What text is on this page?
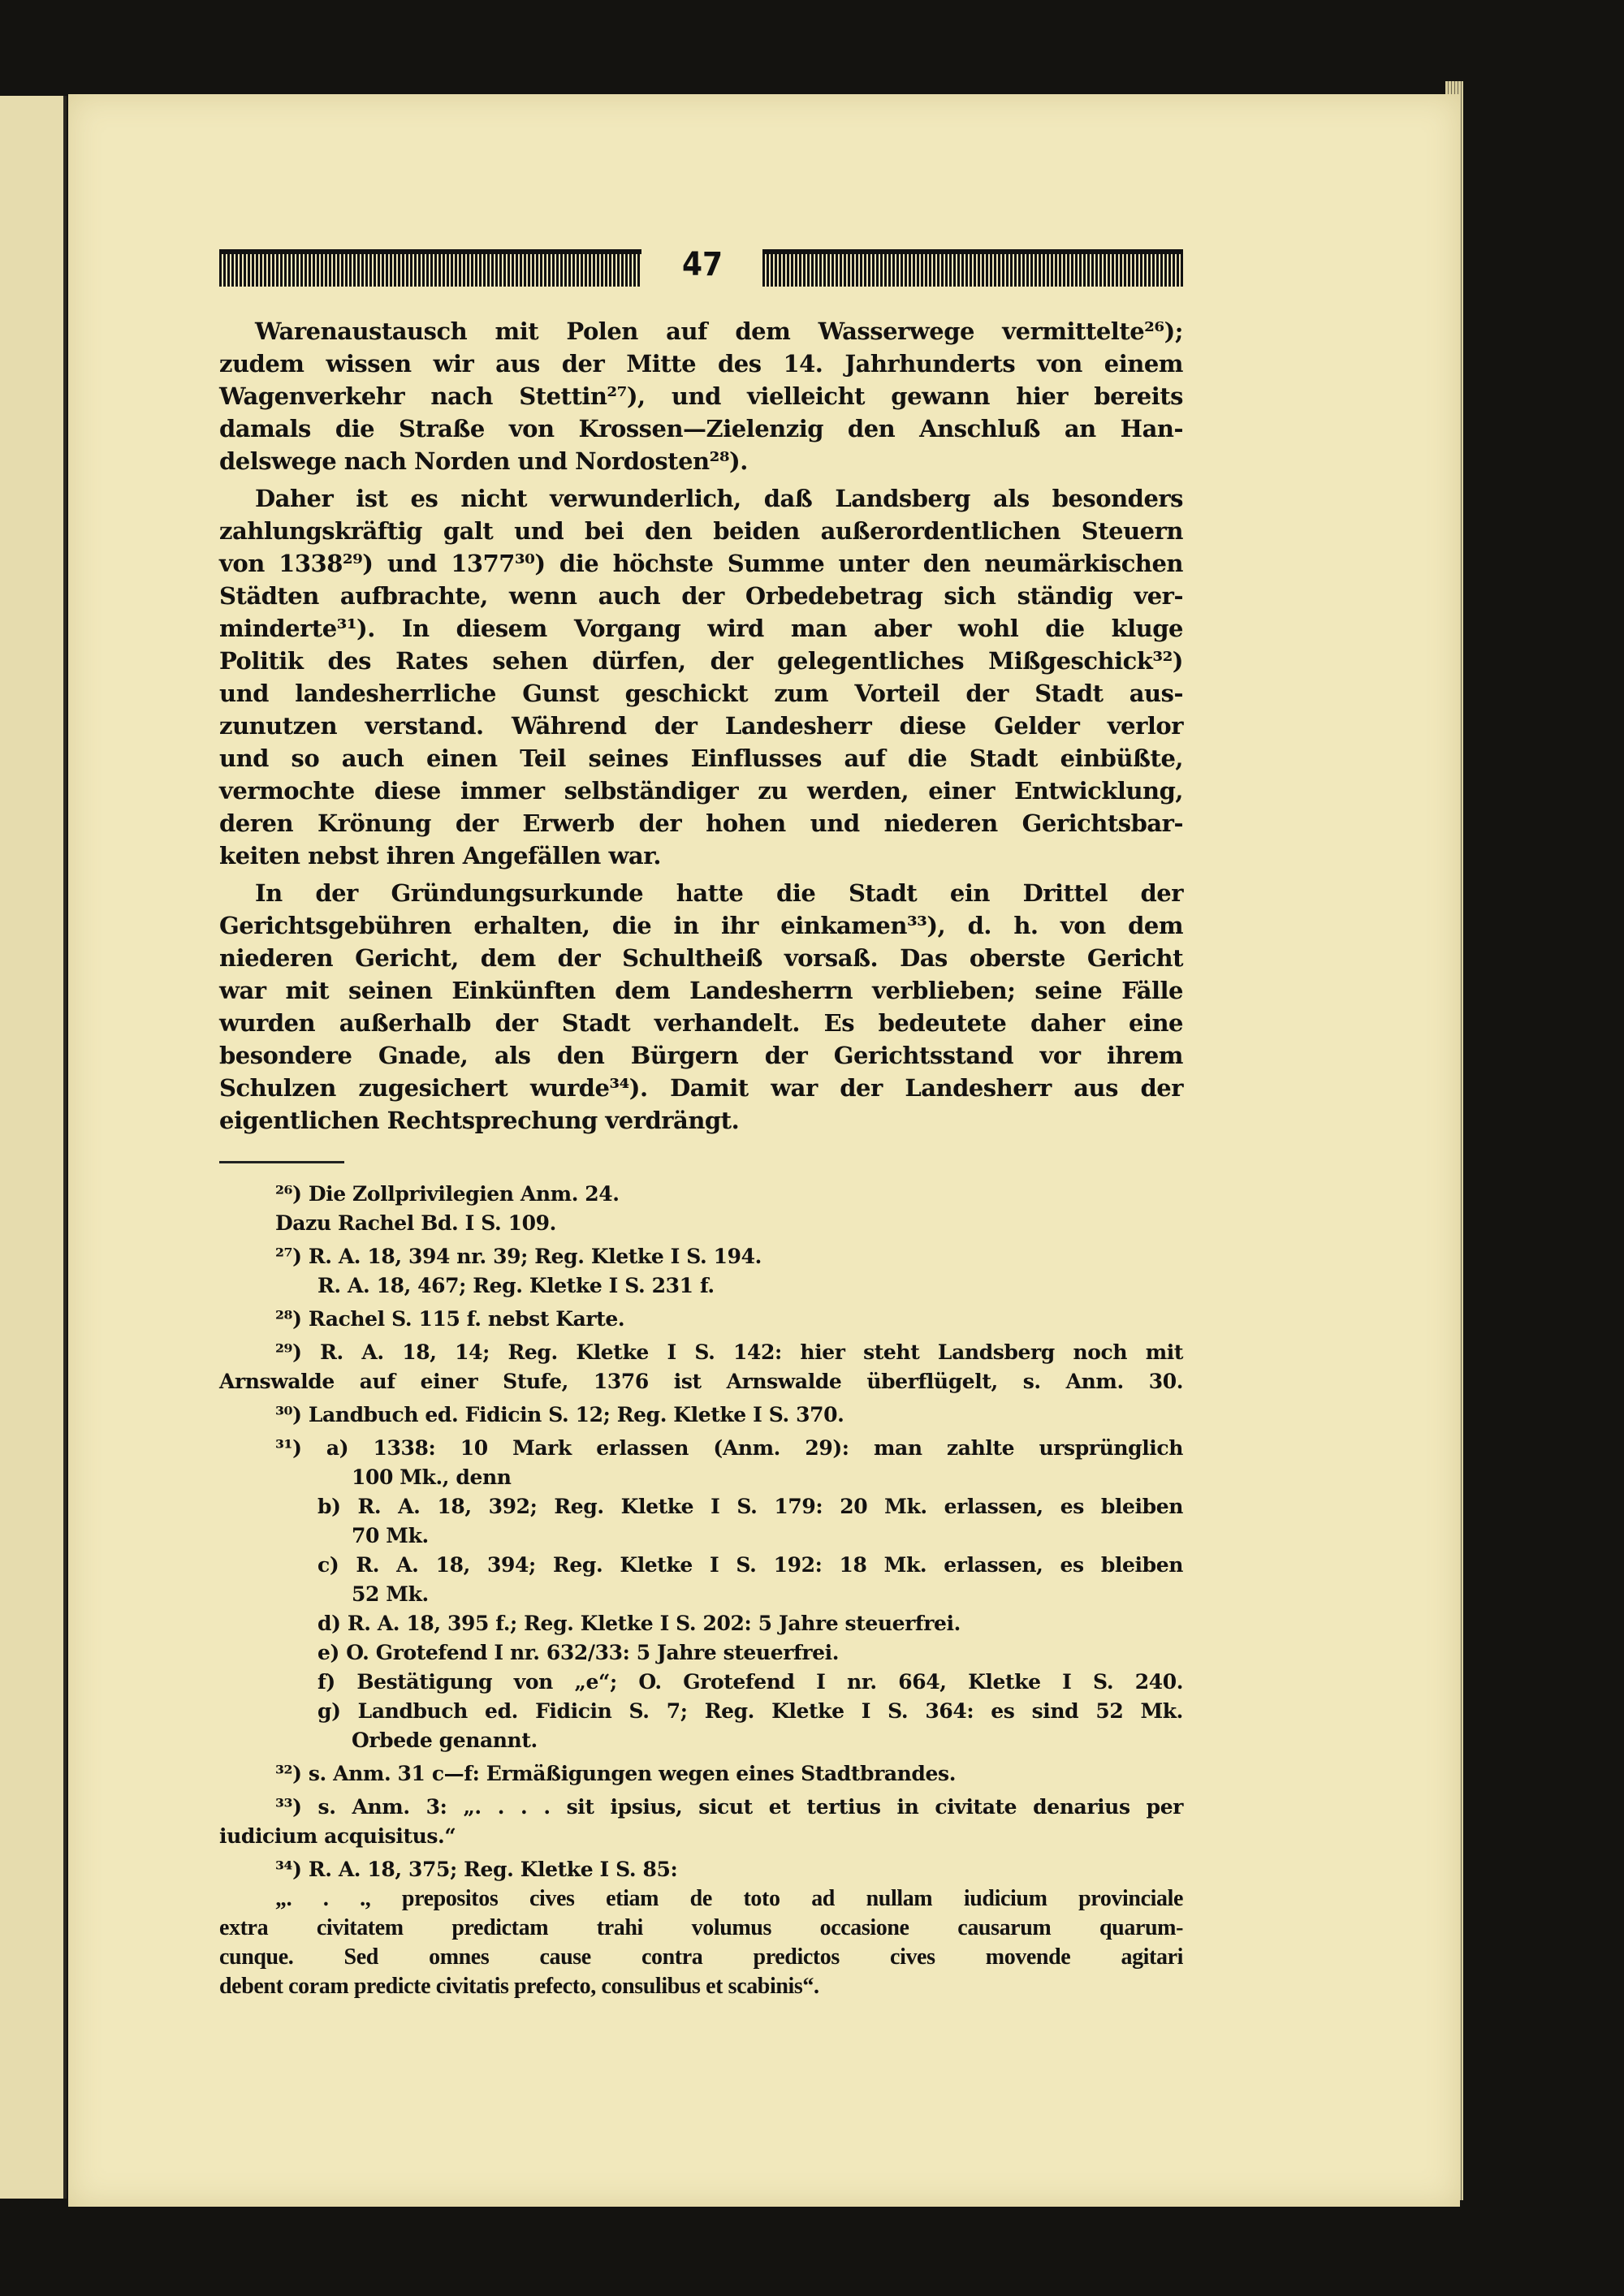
47
Warenaustausch mit Polen auf dem Wasserwege vermittelte²⁶);
zudem wissen wir aus der Mitte des 14. Jahrhunderts von einem
Wagenverkehr nach Stettin²⁷), und vielleicht gewann hier bereits
damals die Straße von Krossen—Zielenzig den Anschluß an Han-
delswege nach Norden und Nordosten²⁸).
Daher ist es nicht verwunderlich, daß Landsberg als besonders
zahlungskräftig galt und bei den beiden außerordentlichen Steuern
von 1338²⁹) und 1377³⁰) die höchste Summe unter den neumärkischen
Städten aufbrachte, wenn auch der Orbedebetrag sich ständig ver-
minderte³¹). In diesem Vorgang wird man aber wohl die kluge
Politik des Rates sehen dürfen, der gelegentliches Mißgeschick³²)
und landesherrliche Gunst geschickt zum Vorteil der Stadt aus-
zunutzen verstand. Während der Landesherr diese Gelder verlor
und so auch einen Teil seines Einflusses auf die Stadt einbüßte,
vermochte diese immer selbständiger zu werden, einer Entwicklung,
deren Krönung der Erwerb der hohen und niederen Gerichtsbar-
keiten nebst ihren Angefällen war.
In der Gründungsurkunde hatte die Stadt ein Drittel der
Gerichtsgebühren erhalten, die in ihr einkamen³³), d. h. von dem
niederen Gericht, dem der Schultheiß vorsaß. Das oberste Gericht
war mit seinen Einkünften dem Landesherrn verblieben; seine Fälle
wurden außerhalb der Stadt verhandelt. Es bedeutete daher eine
besondere Gnade, als den Bürgern der Gerichtsstand vor ihrem
Schulzen zugesichert wurde³⁴). Damit war der Landesherr aus der
eigentlichen Rechtsprechung verdrängt.
²⁶) Die Zollprivilegien Anm. 24.
Dazu Rachel Bd. I S. 109.
²⁷) R. A. 18, 394 nr. 39; Reg. Kletke I S. 194.
R. A. 18, 467; Reg. Kletke I S. 231 f.
²⁸) Rachel S. 115 f. nebst Karte.
²⁹) R. A. 18, 14; Reg. Kletke I S. 142: hier steht Landsberg noch mit
Arnswalde auf einer Stufe, 1376 ist Arnswalde überflügelt, s. Anm. 30.
³⁰) Landbuch ed. Fidicin S. 12; Reg. Kletke I S. 370.
³¹) a) 1338: 10 Mark erlassen (Anm. 29): man zahlte ursprünglich
100 Mk., denn
b) R. A. 18, 392; Reg. Kletke I S. 179: 20 Mk. erlassen, es bleiben
70 Mk.
c) R. A. 18, 394; Reg. Kletke I S. 192: 18 Mk. erlassen, es bleiben
52 Mk.
d) R. A. 18, 395 f.; Reg. Kletke I S. 202: 5 Jahre steuerfrei.
e) O. Grotefend I nr. 632/33: 5 Jahre steuerfrei.
f) Bestätigung von „e“; O. Grotefend I nr. 664, Kletke I S. 240.
g) Landbuch ed. Fidicin S. 7; Reg. Kletke I S. 364: es sind 52 Mk.
Orbede genannt.
³²) s. Anm. 31 c—f: Ermäßigungen wegen eines Stadtbrandes.
³³) s. Anm. 3: „. . . . sit ipsius, sicut et tertius in civitate denarius per
iudicium acquisitus.“
³⁴) R. A. 18, 375; Reg. Kletke I S. 85:
„. . ., prepositos cives etiam de toto ad nullam iudicium provinciale
extra civitatem predictam trahi volumus occasione causarum quarum-
cunque. Sed omnes cause contra predictos cives movende agitari
debent coram predicte civitatis prefecto, consulibus et scabinis“.
